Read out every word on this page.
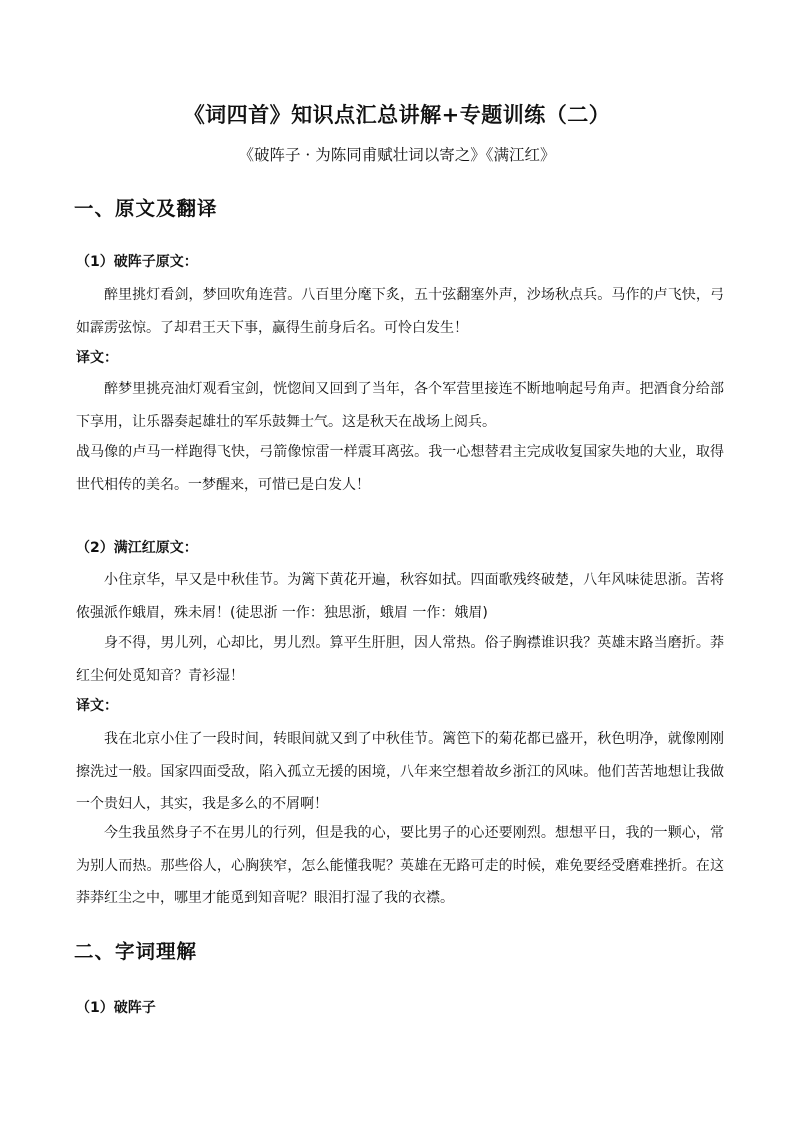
《词四首》知识点汇总讲解+专题训练（二）
《破阵子 · 为陈同甫赋壮词以寄之》《满江红》
一、原文及翻译
（1）破阵子原文：
醉里挑灯看剑，梦回吹角连营。八百里分麾下炙，五十弦翻塞外声，沙场秋点兵。马作的卢飞快，弓如霹雳弦惊。了却君王天下事，赢得生前身后名。可怜白发生！
译文：
醉梦里挑亮油灯观看宝剑，恍惚间又回到了当年，各个军营里接连不断地响起号角声。把酒食分给部下享用，让乐器奏起雄壮的军乐鼓舞士气。这是秋天在战场上阅兵。
战马像的卢马一样跑得飞快，弓箭像惊雷一样震耳离弦。我一心想替君主完成收复国家失地的大业，取得世代相传的美名。一梦醒来，可惜已是白发人！
（2）满江红原文：
小住京华，早又是中秋佳节。为篱下黄花开遍，秋容如拭。四面歌残终破楚，八年风味徒思浙。苦将侬强派作蛾眉，殊未屑！(徒思浙 一作：独思浙，蛾眉 一作：娥眉)
身不得，男儿列，心却比，男儿烈。算平生肝胆，因人常热。俗子胸襟谁识我？英雄末路当磨折。莽红尘何处觅知音？青衫湿！
译文：
我在北京小住了一段时间，转眼间就又到了中秋佳节。篱笆下的菊花都已盛开，秋色明净，就像刚刚擦洗过一般。国家四面受敌，陷入孤立无援的困境，八年来空想着故乡浙江的风味。他们苦苦地想让我做一个贵妇人，其实，我是多么的不屑啊！
今生我虽然身子不在男儿的行列，但是我的心，要比男子的心还要刚烈。想想平日，我的一颗心，常为别人而热。那些俗人，心胸狭窄，怎么能懂我呢？英雄在无路可走的时候，难免要经受磨难挫折。在这莽莽红尘之中，哪里才能觅到知音呢？眼泪打湿了我的衣襟。
二、字词理解
（1）破阵子
